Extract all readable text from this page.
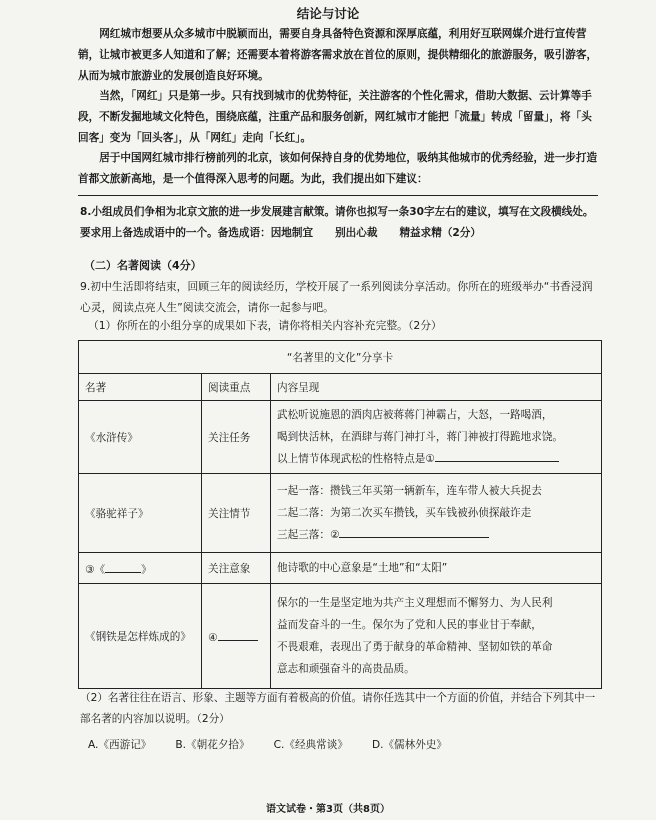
结论与讨论

网红城市想要从众多城市中脱颖而出，需要自身具备特色资源和深厚底蕴，利用好互联网媒介进行宣传营销，让城市被更多人知道和了解；还需要本着将游客需求放在首位的原则，提供精细化的旅游服务，吸引游客，从而为城市旅游业的发展创造良好环境。

当然，「网红」只是第一步。只有找到城市的优势特征，关注游客的个性化需求，借助大数据、云计算等手段，不断发掘地域文化特色，围绕底蕴，注重产品和服务创新，网红城市才能把「流量」转成「留量」，将「头回客」变为「回头客」，从「网红」走向「长红」。

居于中国网红城市排行榜前列的北京，该如何保持自身的优势地位，吸纳其他城市的优秀经验，进一步打造首都文旅新高地，是一个值得深入思考的问题。为此，我们提出如下建议：

8.小组成员们争相为北京文旅的进一步发展建言献策。请你也拟写一条30字左右的建议，填写在文段横线处。要求用上备选成语中的一个。备选成语：因地制宜 别出心裁 精益求精（2分）

（二）名著阅读（4分）

9.初中生活即将结束，回顾三年的阅读经历，学校开展了一系列阅读分享活动。你所在的班级举办“书香浸润心灵，阅读点亮人生”阅读交流会，请你一起参与吧。

（1）你所在的小组分享的成果如下表，请你将相关内容补充完整。（2分）
“名著里的文化”分享卡		
名著	阅读重点	内容呈现
《水浒传》	关注任务	武松听说施恩的酒肉店被蒋蒋门神霸占，大怒，一路喝酒，
喝到快活林，在酒肆与蒋门神打斗，蒋门神被打得跪地求饶。
以上情节体现武松的性格特点是①

《骆驼祥子》	关注情节	一起一落：攒钱三年买第一辆新车，连车带人被大兵捉去
二起二落：为第二次买车攒钱，买车钱被孙侦探敲诈走
三起三落：②

③《 》	关注意象	他诗歌的中心意象是“土地”和“太阳”

《钢铁是怎样炼成的》	④	保尔的一生是坚定地为共产主义理想而不懈努力、为人民利
益而发奋斗的一生。保尔为了党和人民的事业甘于奉献，
不畏艰难，表现出了勇于献身的革命精神、坚韧如铁的革命
意志和顽强奋斗的高贵品质。

（2）名著往往在语言、形象、主题等方面有着极高的价值。请你任选其中一个方面的价值，并结合下列其中一部名著的内容加以说明。（2分）

A.《西游记》 B.《朝花夕拾》 C.《经典常谈》 D.《儒林外史》
语文试卷・第3页（共8页）
